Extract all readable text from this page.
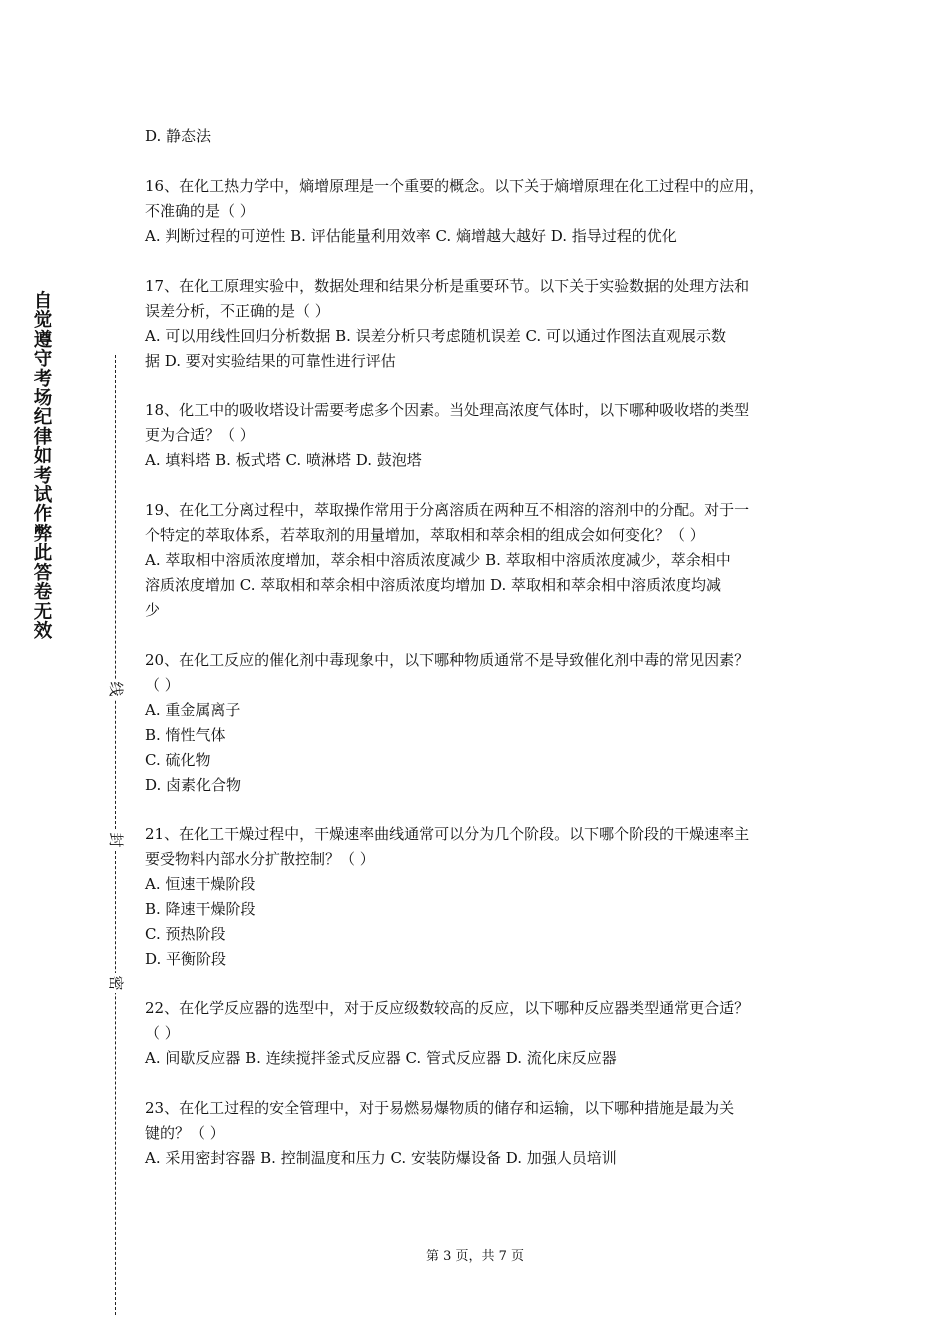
自觉遵守考场纪律如考试作弊此答卷无效
线
封
密

D. 静态法

16、在化工热力学中，熵增原理是一个重要的概念。以下关于熵增原理在化工过程中的应用，

不准确的是（ ）

A. 判断过程的可逆性 B. 评估能量利用效率 C. 熵增越大越好 D. 指导过程的优化

17、在化工原理实验中，数据处理和结果分析是重要环节。以下关于实验数据的处理方法和

误差分析，不正确的是（ ）

A. 可以用线性回归分析数据 B. 误差分析只考虑随机误差 C. 可以通过作图法直观展示数

据 D. 要对实验结果的可靠性进行评估

18、化工中的吸收塔设计需要考虑多个因素。当处理高浓度气体时，以下哪种吸收塔的类型

更为合适？（ ）

A. 填料塔 B. 板式塔 C. 喷淋塔 D. 鼓泡塔

19、在化工分离过程中，萃取操作常用于分离溶质在两种互不相溶的溶剂中的分配。对于一

个特定的萃取体系，若萃取剂的用量增加，萃取相和萃余相的组成会如何变化？（ ）

A. 萃取相中溶质浓度增加，萃余相中溶质浓度减少 B. 萃取相中溶质浓度减少，萃余相中

溶质浓度增加 C. 萃取相和萃余相中溶质浓度均增加 D. 萃取相和萃余相中溶质浓度均减

少

20、在化工反应的催化剂中毒现象中，以下哪种物质通常不是导致催化剂中毒的常见因素？

（ ）

A. 重金属离子

B. 惰性气体

C. 硫化物

D. 卤素化合物

21、在化工干燥过程中，干燥速率曲线通常可以分为几个阶段。以下哪个阶段的干燥速率主

要受物料内部水分扩散控制？（ ）

A. 恒速干燥阶段

B. 降速干燥阶段

C. 预热阶段

D. 平衡阶段

22、在化学反应器的选型中，对于反应级数较高的反应，以下哪种反应器类型通常更合适？

（ ）

A. 间歇反应器 B. 连续搅拌釜式反应器 C. 管式反应器 D. 流化床反应器

23、在化工过程的安全管理中，对于易燃易爆物质的储存和运输，以下哪种措施是最为关

键的？（ ）

A. 采用密封容器 B. 控制温度和压力 C. 安装防爆设备 D. 加强人员培训

第 3 页，共 7 页
